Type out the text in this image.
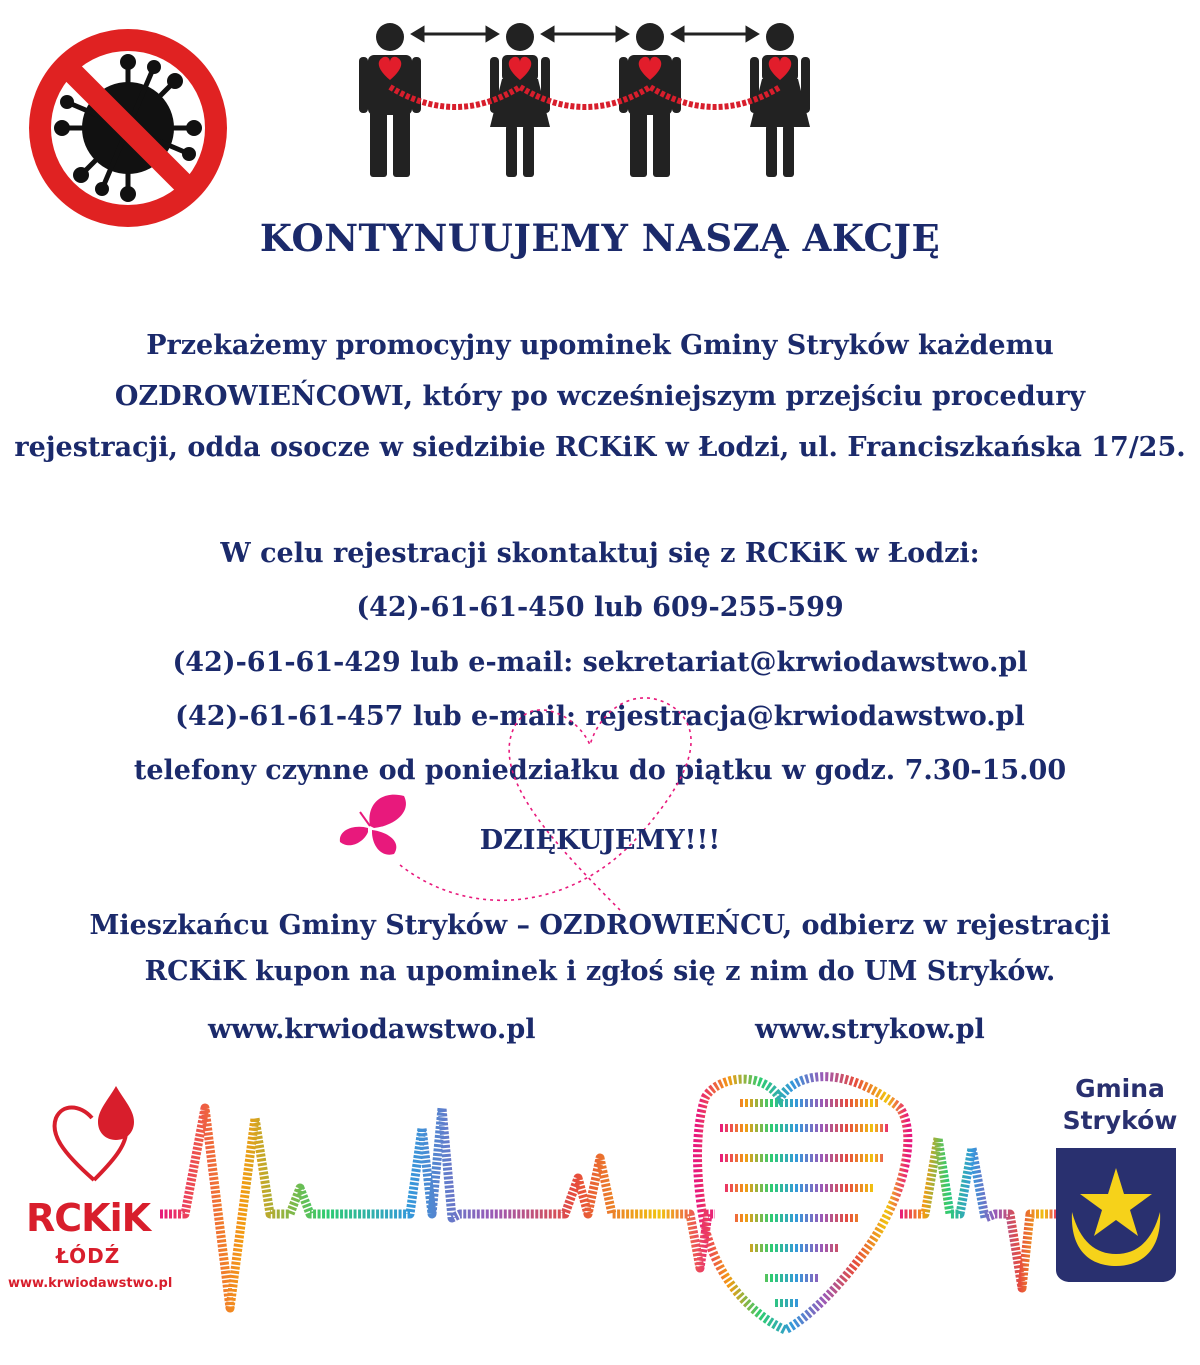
KONTYNUUJEMY NASZĄ AKCJĘ
Przekażemy promocyjny upominek Gminy Stryków każdemu
OZDROWIEŃCOWI, który po wcześniejszym przejściu procedury
rejestracji, odda osocze w siedzibie RCKiK w Łodzi, ul. Franciszkańska 17/25.
W celu rejestracji skontaktuj się z RCKiK w Łodzi:
(42)-61-61-450 lub 609-255-599
(42)-61-61-429 lub e-mail: sekretariat@krwiodawstwo.pl
(42)-61-61-457 lub e-mail: rejestracja@krwiodawstwo.pl
telefony czynne od poniedziałku do piątku w godz. 7.30-15.00
DZIĘKUJEMY!!!
Mieszkańcu Gminy Stryków – OZDROWIEŃCU, odbierz w rejestracji
RCKiK kupon na upominek i zgłoś się z nim do UM Stryków.
www.krwiodawstwo.pl	www.strykow.pl
RCKiK
ŁÓDŹ
www.krwiodawstwo.pl
Gmina
Stryków
